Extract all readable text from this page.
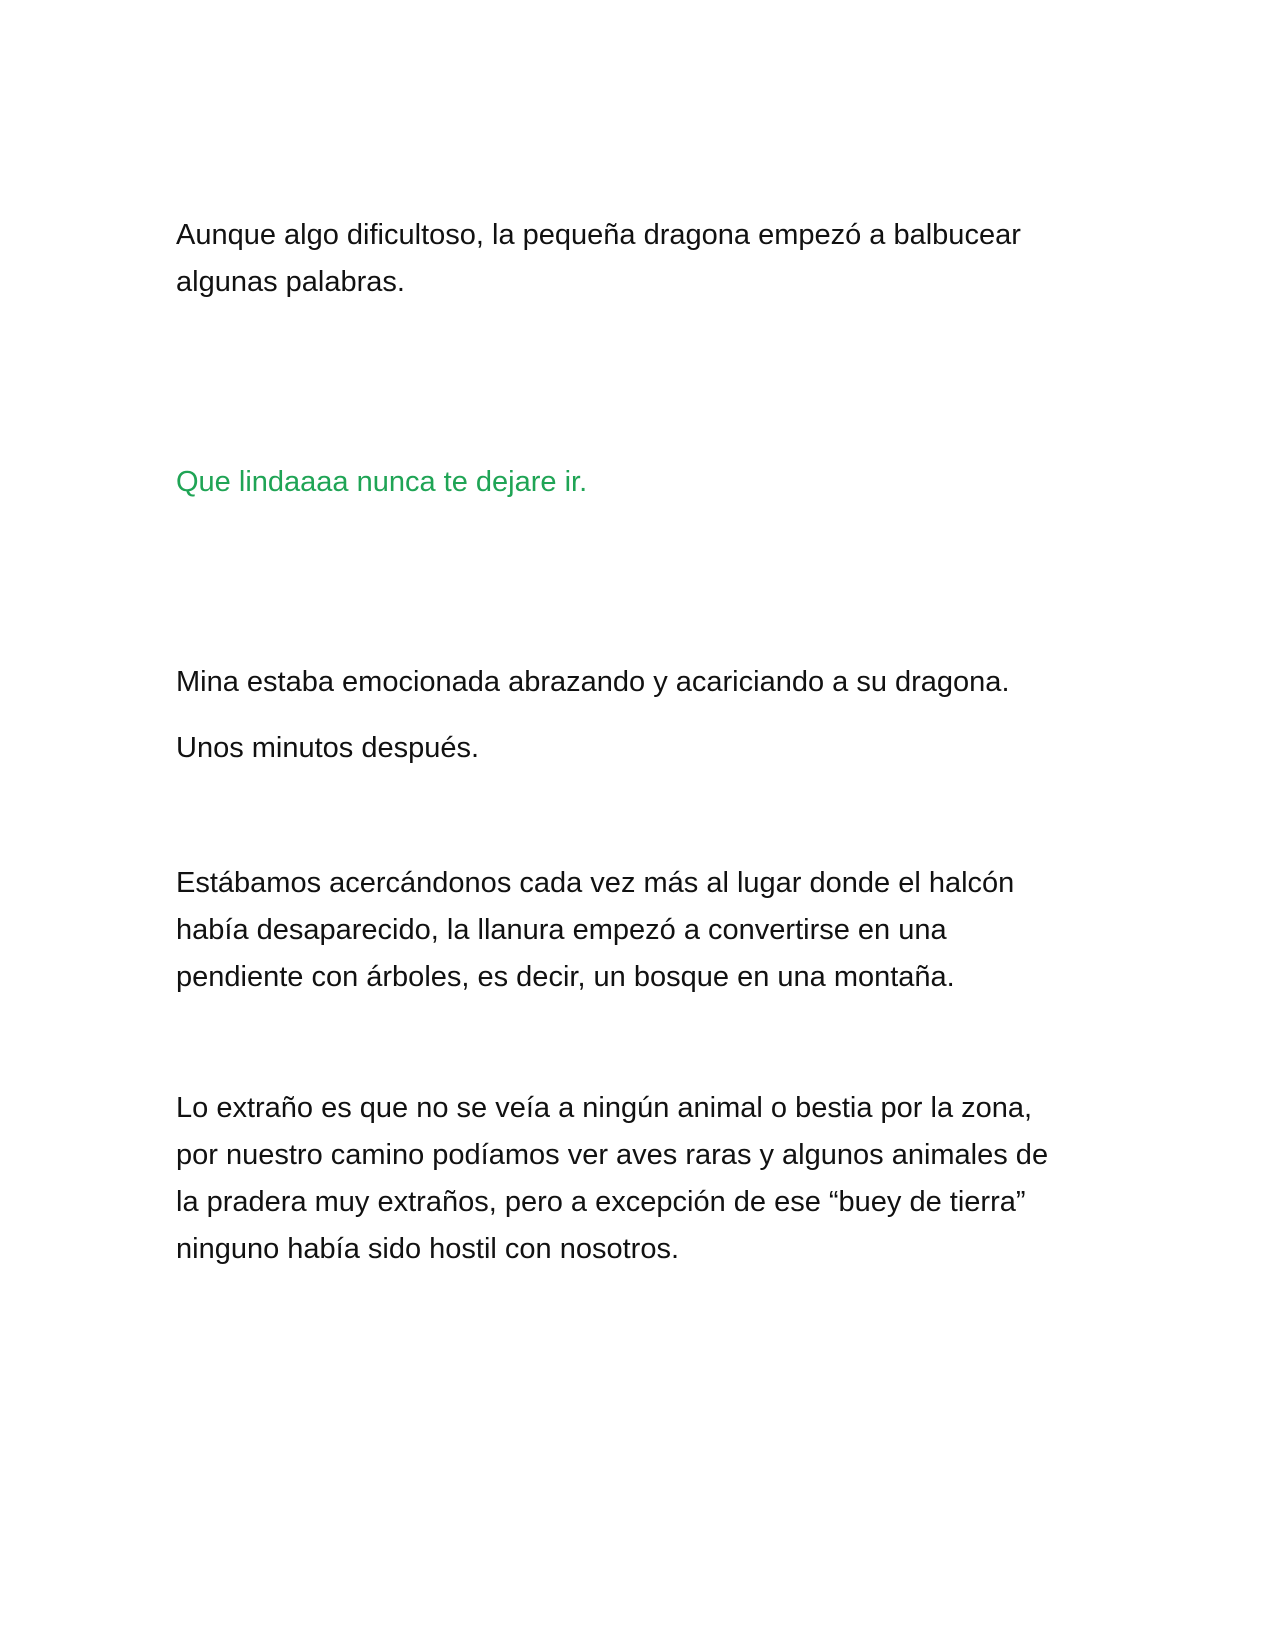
Aunque algo dificultoso, la pequeña dragona empezó a balbucear
algunas palabras.

Que lindaaaa nunca te dejare ir.

Mina estaba emocionada abrazando y acariciando a su dragona.

Unos minutos después.

Estábamos acercándonos cada vez más al lugar donde el halcón
había desaparecido, la llanura empezó a convertirse en una
pendiente con árboles, es decir, un bosque en una montaña.

Lo extraño es que no se veía a ningún animal o bestia por la zona,
por nuestro camino podíamos ver aves raras y algunos animales de
la pradera muy extraños, pero a excepción de ese “buey de tierra”
ninguno había sido hostil con nosotros.
